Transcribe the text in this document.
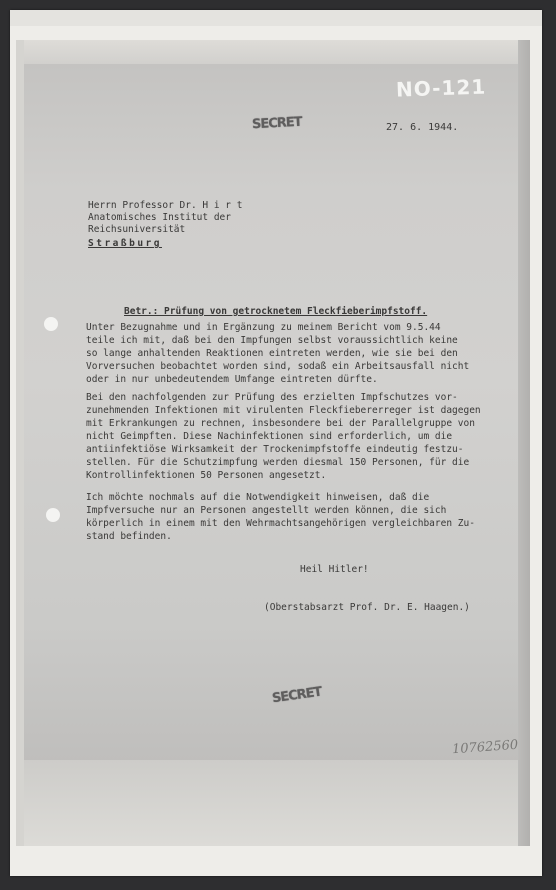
NO-121
SECRET	27. 6. 1944.
Herrn Professor Dr. H i r t
Anatomisches Institut der
Reichsuniversität
Straßburg
Betr.: Prüfung von getrocknetem Fleckfieberimpfstoff.
Unter Bezugnahme und in Ergänzung zu meinem Bericht vom 9.5.44
teile ich mit, daß bei den Impfungen selbst voraussichtlich keine
so lange anhaltenden Reaktionen eintreten werden, wie sie bei den
Vorversuchen beobachtet worden sind, sodaß ein Arbeitsausfall nicht
oder in nur unbedeutendem Umfange eintreten dürfte.
Bei den nachfolgenden zur Prüfung des erzielten Impfschutzes vor-
zunehmenden Infektionen mit virulenten Fleckfiebererreger ist dagegen
mit Erkrankungen zu rechnen, insbesondere bei der Parallelgruppe von
nicht Geimpften. Diese Nachinfektionen sind erforderlich, um die
antiinfektiöse Wirksamkeit der Trockenimpfstoffe eindeutig festzu-
stellen. Für die Schutzimpfung werden diesmal 150 Personen, für die
Kontrollinfektionen 50 Personen angesetzt.
Ich möchte nochmals auf die Notwendigkeit hinweisen, daß die
Impfversuche nur an Personen angestellt werden können, die sich
körperlich in einem mit den Wehrmachtsangehörigen vergleichbaren Zu-
stand befinden.
Heil Hitler!
(Oberstabsarzt Prof. Dr. E. Haagen.)
SECRET
10762560
